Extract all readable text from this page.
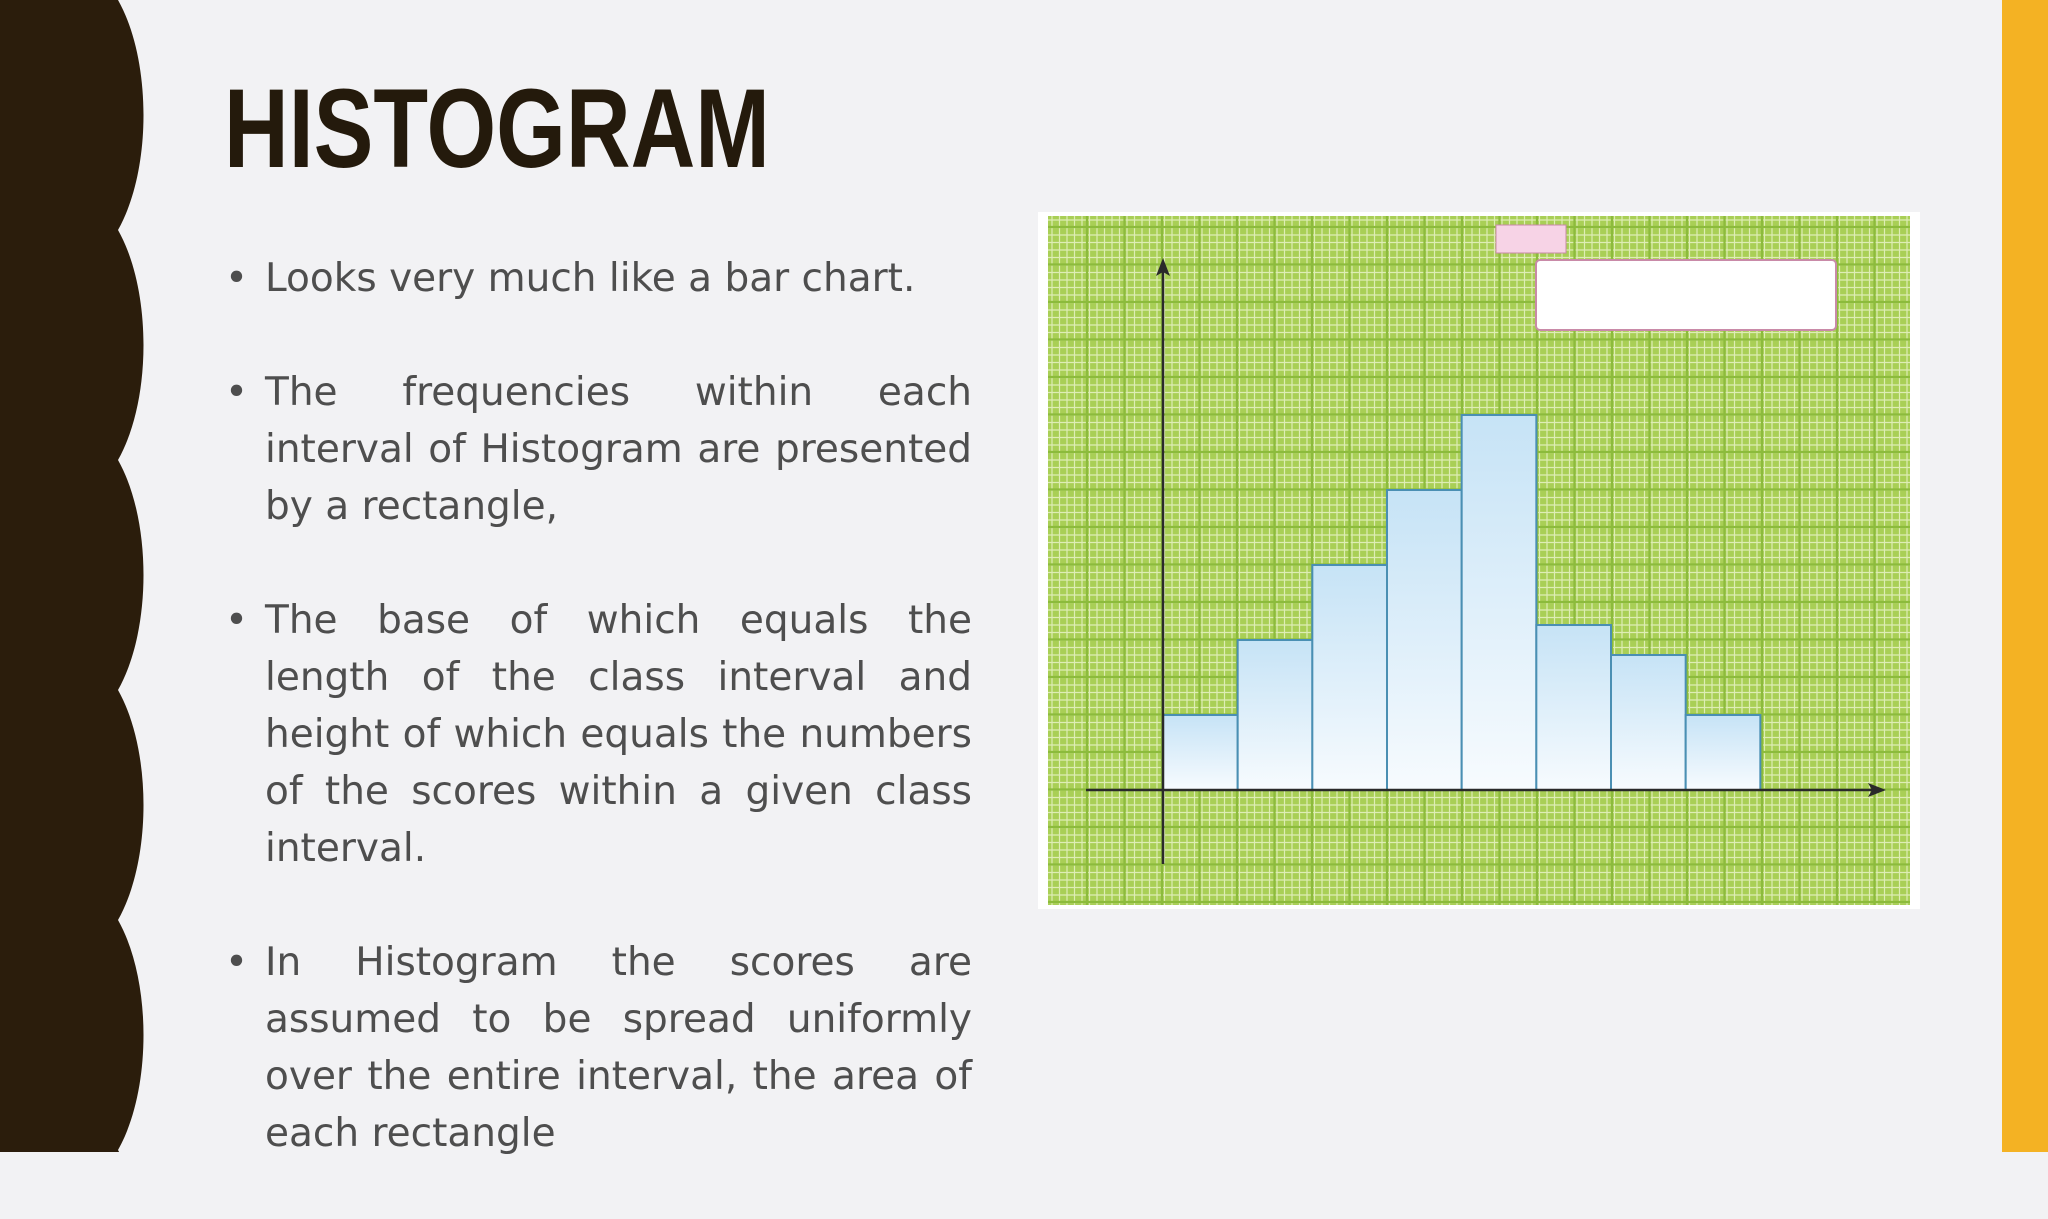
HISTOGRAM
• Looks very much like a bar chart.
• The frequencies within each interval of Histogram are presented by a rectangle,
• The base of which equals the length of the class interval and height of which equals the numbers of the scores within a given class interval.
• In Histogram the scores are assumed to be spread uniformly over the entire interval, the area of each rectangle
